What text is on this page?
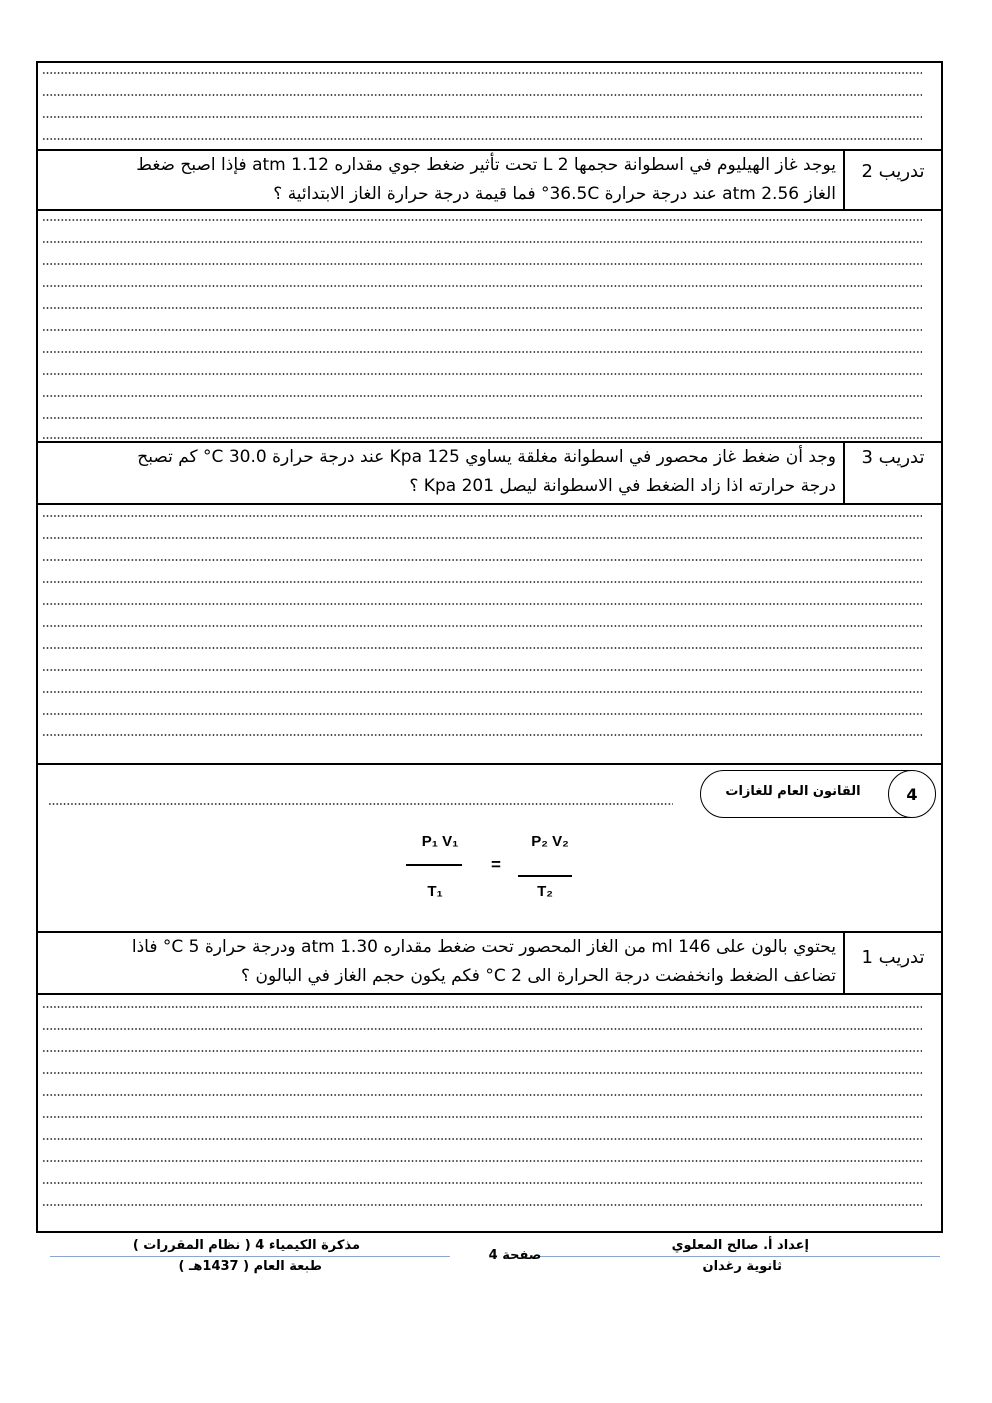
تدريب 2
يوجد غاز الهيليوم في اسطوانة حجمها 2 L تحت تأثير ضغط جوي مقداره 1.12 atm فإذا اصبح ضغط
الغاز 2.56 atm عند درجة حرارة 36.5C° فما قيمة درجة حرارة الغاز الابتدائية ؟
تدريب 3
وجد أن ضغط غاز محصور في اسطوانة مغلقة يساوي 125 Kpa عند درجة حرارة 30.0 C° كم تصبح
درجة حرارته اذا زاد الضغط في الاسطوانة ليصل 201 Kpa ؟
P₁ V₁
T₁
=
P₂ V₂
T₂
تدريب 1
يحتوي بالون على 146 ml من الغاز المحصور تحت ضغط مقداره 1.30 atm ودرجة حرارة 5 C° فاذا
تضاعف الضغط وانخفضت درجة الحرارة الى 2 C° فكم يكون حجم الغاز في البالون ؟
القانون العام للغازات	4
إعداد أ. صالح المعلوي
ثانوية رغدان
صفحة 4
مذكرة الكيمياء 4 ( نظام المقررات )
طبعة العام ( 1437هـ )
